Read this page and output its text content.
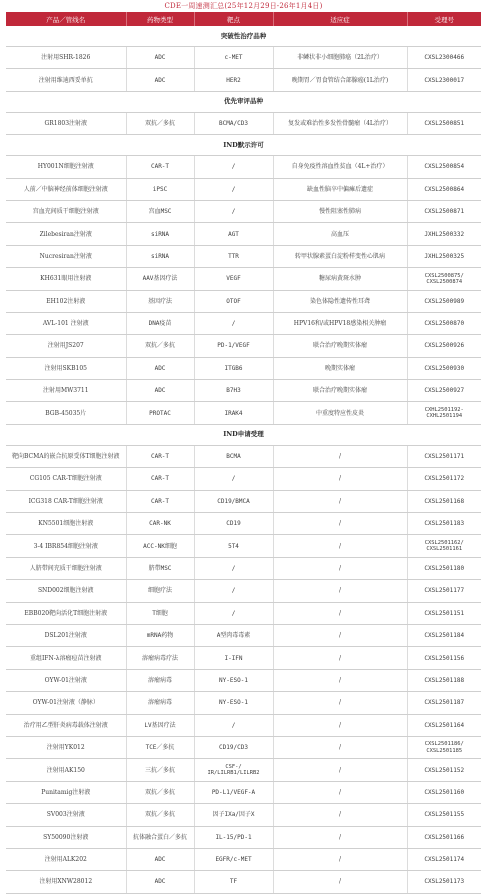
CDE一周速测汇总(25年12月29日-26年1月4日)
产品／管线名	药物类型	靶点	适应症	受理号
突破性治疗品种				
注射用SHR-1826	ADC	c-MET	非鳞状非小细胞肺癌（2L治疗）	CXSL2300466
注射用维迪西妥单抗	ADC	HER2	晚期胃／胃食管结合部腺癌(1L治疗)	CXSL2300017
优先审评品种				
GR1803注射液	双抗／多抗	BCMA/CD3	复发或难治性多发性骨髓瘤（4L治疗）	CXSL2500851
IND默示许可				
HY001N细胞注射液	CAR-T	/	自身免疫性溶血性贫血（4L+治疗）	CXSL2500854
人前／中脑神经前体细胞注射液	iPSC	/	缺血性脑卒中偏瘫后遗症	CXSL2500864
宫血充间质干细胞注射液	宫血MSC	/	慢性阻塞性肺病	CXSL2500871
Zilebesiran注射液	siRNA	AGT	高血压	JXHL2500332
Nucresiran注射液	siRNA	TTR	转甲状腺素蛋白淀粉样变性心肌病	JXHL2500325
KH631眼用注射液	AAV基因疗法	VEGF	糖尿病黄斑水肿	CXSL2500875/
CXSL2500874
EH102注射液	基因疗法	OTOF	染色体隐性遗传性耳聋	CXSL2500989
AVL-101 注射液	DNA疫苗	/	HPV16和/或HPV18感染相关肿瘤	CXSL2500870
注射用JS207	双抗／多抗	PD-1/VEGF	联合治疗晚期实体瘤	CXSL2500926
注射用SKB105	ADC	ITGB6	晚期实体瘤	CXSL2500930
注射用MW3711	ADC	B7H3	联合治疗晚期实体瘤	CXSL2500927
BGB-45035片	PROTAC	IRAK4	中重度特应性皮炎	CXHL2501192-
CXHL2501194
IND申请受理				
靶向BCMA的嵌合抗原受体T细胞注射液	CAR-T	BCMA	/	CXSL2501171
CG105 CAR-T细胞注射液	CAR-T	/	/	CXSL2501172
ICG318 CAR-T细胞注射液	CAR-T	CD19/BMCA	/	CXSL2501168
KN5501细胞注射液	CAR-NK	CD19	/	CXSL2501183
3-4 IBR854细胞注射液	ACC-NK细胞	5T4	/	CXSL2501162/
CXSL2501161
人脐带间充质干细胞注射液	脐带MSC	/	/	CXSL2501180
SND002细胞注射液	细胞疗法	/	/	CXSL2501177
EBB020靶向活化T细胞注射液	T细胞	/	/	CXSL2501151
DSL201注射液	mRNA药物	A型肉毒毒素	/	CXSL2501184
重组IFN-λ溶瘤痘苗注射液	溶瘤病毒疗法	I-IFN	/	CXSL2501156
OYW-01注射液	溶瘤病毒	NY-ESO-1	/	CXSL2501188
OYW-01注射液（静脉）	溶瘤病毒	NY-ESO-1	/	CXSL2501187
治疗用乙型肝炎病毒载体注射液	LV基因疗法	/	/	CXSL2501164
注射用YK012	TCE／多抗	CD19/CD3	/	CXSL2501186/
CXSL2501185
注射用AK150	三抗／多抗	CSF-/
IR/LILRB1/LILRB2	/	CXSL2501152
Punitamig注射液	双抗／多抗	PD-L1/VEGF-A	/	CXSL2501160
SV003注射液	双抗／多抗	因子IXa/因子X	/	CXSL2501155
SY50090注射液	抗体融合蛋白／多抗	IL-15/PD-1	/	CXSL2501166
注射用ALK202	ADC	EGFR/c-MET	/	CXSL2501174
注射用XNW28012	ADC	TF	/	CXSL2501173
